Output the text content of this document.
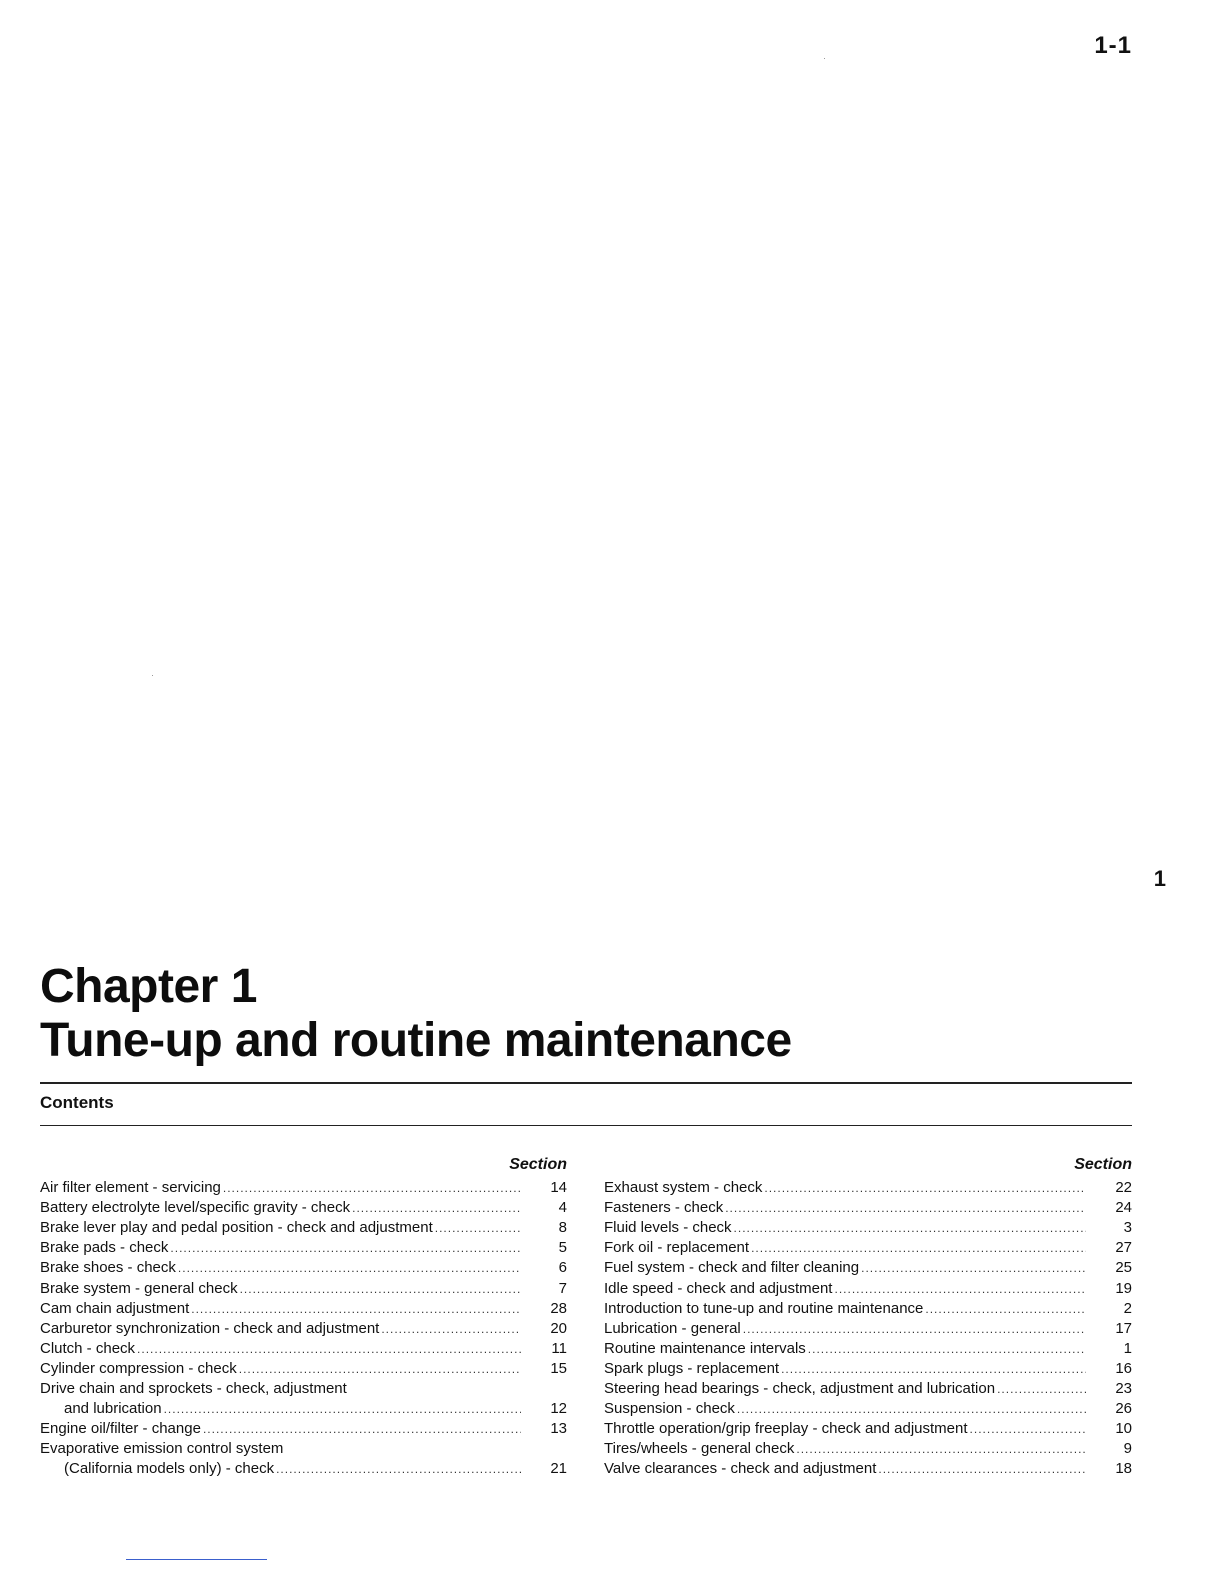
1-1
1
Chapter 1
Tune-up and routine maintenance
Contents
Section
Air filter element - servicing .....	14
Battery electrolyte level/specific gravity - check .....	4
Brake lever play and pedal position - check and adjustment .....	8
Brake pads - check .....	5
Brake shoes - check .....	6
Brake system - general check .....	7
Cam chain adjustment .....	28
Carburetor synchronization - check and adjustment .....	20
Clutch - check .....	11
Cylinder compression - check .....	15
Drive chain and sprockets - check, adjustment
and lubrication .....	12
Engine oil/filter - change .....	13
Evaporative emission control system
(California models only) - check .....	21
Section
Exhaust system - check .....	22
Fasteners - check .....	24
Fluid levels - check .....	3
Fork oil - replacement .....	27
Fuel system - check and filter cleaning .....	25
Idle speed - check and adjustment .....	19
Introduction to tune-up and routine maintenance .....	2
Lubrication - general .....	17
Routine maintenance intervals .....	1
Spark plugs - replacement .....	16
Steering head bearings - check, adjustment and lubrication .....	23
Suspension - check .....	26
Throttle operation/grip freeplay - check and adjustment .....	10
Tires/wheels - general check .....	9
Valve clearances - check and adjustment .....	18
